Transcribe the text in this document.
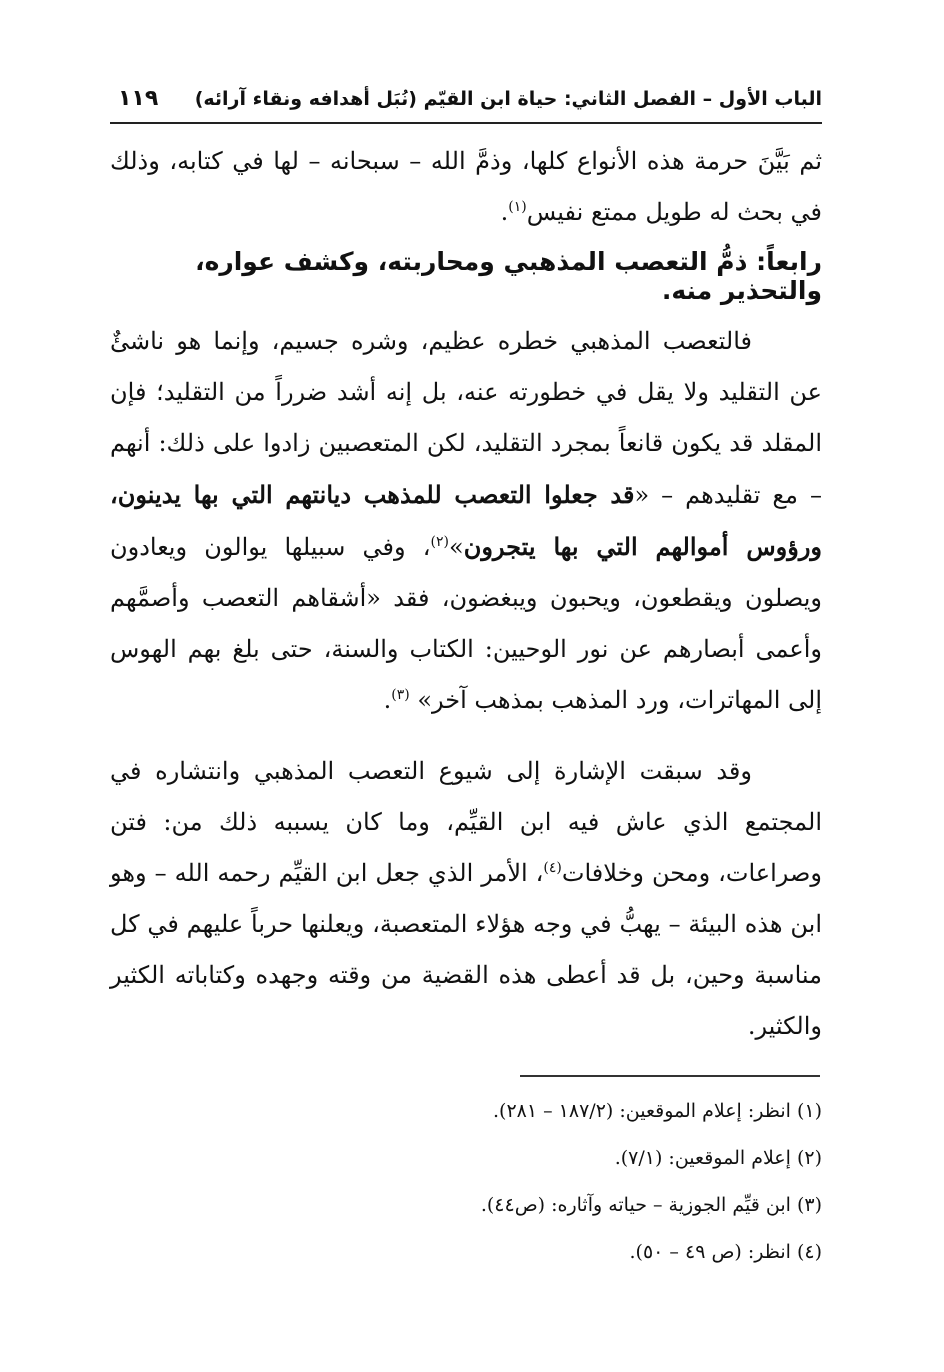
الباب الأول – الفصل الثاني: حياة ابن القيّم (نُبَل أهدافه ونقاء آرائه)
١١٩

ثم بَيَّنَ حرمة هذه الأنواع كلها، وذمَّ الله – سبحانه – لها في كتابه، وذلك في بحث له طويل ممتع نفيس$^{(١)}$.

رابعاً: ذمُّ التعصب المذهبي ومحاربته، وكشف عواره، والتحذير منه.

فالتعصب المذهبي خطره عظيم، وشره جسيم، وإنما هو ناشئٌ عن التقليد ولا يقل في خطورته عنه، بل إنه أشد ضرراً من التقليد؛ فإن المقلد قد يكون قانعاً بمجرد التقليد، لكن المتعصبين زادوا على ذلك: أنهم – مع تقليدهم – «قد جعلوا التعصب للمذهب ديانتهم التي بها يدينون، ورؤوس أموالهم التي بها يتجرون»$^{(٢)}$، وفي سبيلها يوالون ويعادون ويصلون ويقطعون، ويحبون ويبغضون، فقد «أشقاهم التعصب وأصمَّهم وأعمى أبصارهم عن نور الوحيين: الكتاب والسنة، حتى بلغ بهم الهوس إلى المهاترات، ورد المذهب بمذهب آخر» $^{(٣)}$.

وقد سبقت الإشارة إلى شيوع التعصب المذهبي وانتشاره في المجتمع الذي عاش فيه ابن القيِّم، وما كان يسببه ذلك من: فتن وصراعات، ومحن وخلافات$^{(٤)}$، الأمر الذي جعل ابن القيِّم رحمه الله – وهو ابن هذه البيئة – يهبُّ في وجه هؤلاء المتعصبة، ويعلنها حرباً عليهم في كل مناسبة وحين، بل قد أعطى هذه القضية من وقته وجهده وكتاباته الكثير والكثير.

(١) انظر: إعلام الموقعين: (١٨٧/٢ – ٢٨١).
(٢) إعلام الموقعين: (٧/١).
(٣) ابن قيِّم الجوزية – حياته وآثاره: (ص٤٤).
(٤) انظر: (ص ٤٩ – ٥٠).
